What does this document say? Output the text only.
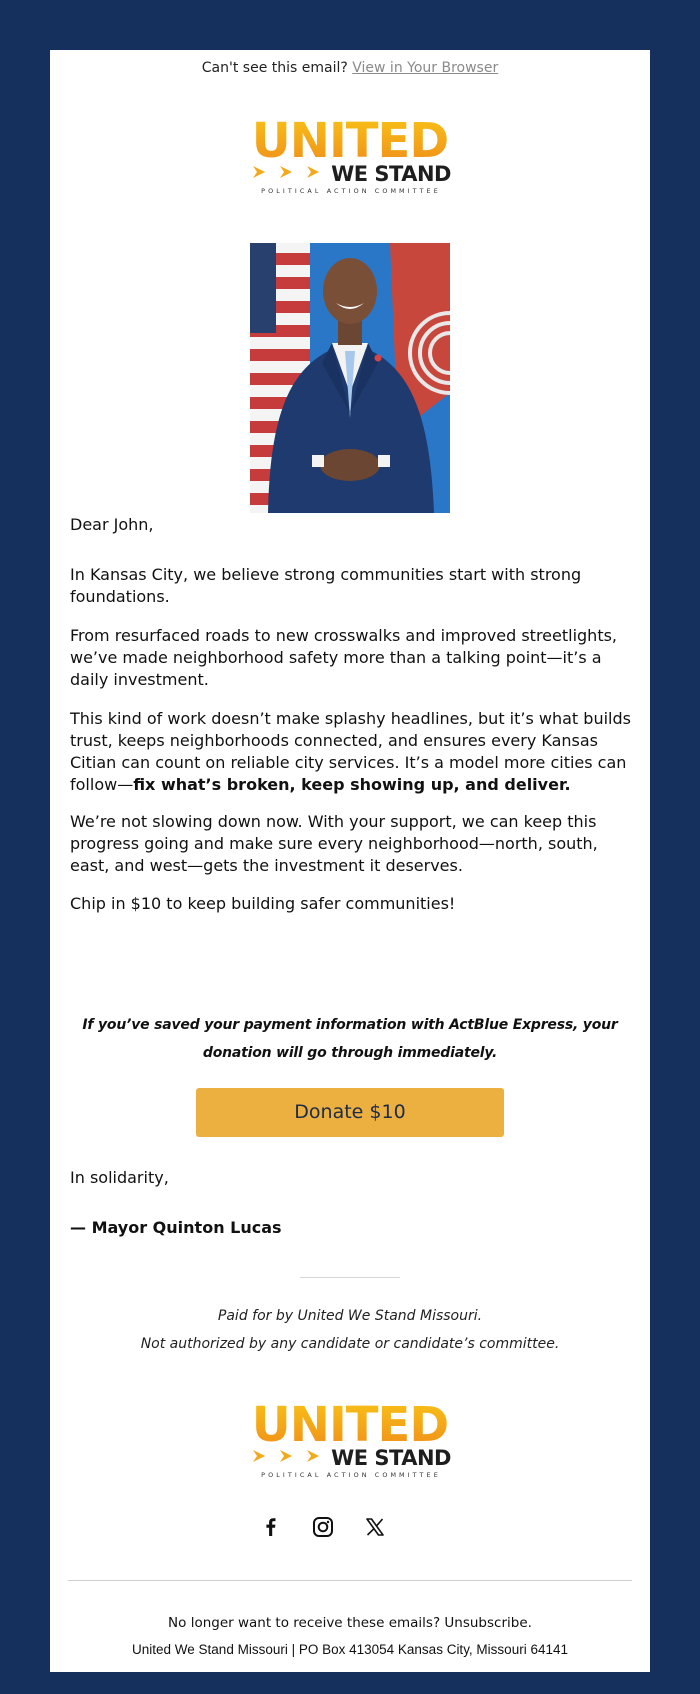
Can't see this email? View in Your Browser
UNITED
WE STAND
POLITICAL ACTION COMMITTEE
Dear John,
In Kansas City, we believe strong communities start with strong foundations.
From resurfaced roads to new crosswalks and improved streetlights, we’ve made neighborhood safety more than a talking point—it’s a daily investment.
This kind of work doesn’t make splashy headlines, but it’s what builds trust, keeps neighborhoods connected, and ensures every Kansas Citian can count on reliable city services. It’s a model more cities can follow—fix what’s broken, keep showing up, and deliver.
We’re not slowing down now. With your support, we can keep this progress going and make sure every neighborhood—north, south, east, and west—gets the investment it deserves.
Chip in $10 to keep building safer communities!
If you’ve saved your payment information with ActBlue Express, your donation will go through immediately.
Donate $10
In solidarity,
— Mayor Quinton Lucas
Paid for by United We Stand Missouri.
Not authorized by any candidate or candidate’s committee.
UNITED
WE STAND
POLITICAL ACTION COMMITTEE
No longer want to receive these emails? Unsubscribe.
United We Stand Missouri | PO Box 413054 Kansas City, Missouri 64141
